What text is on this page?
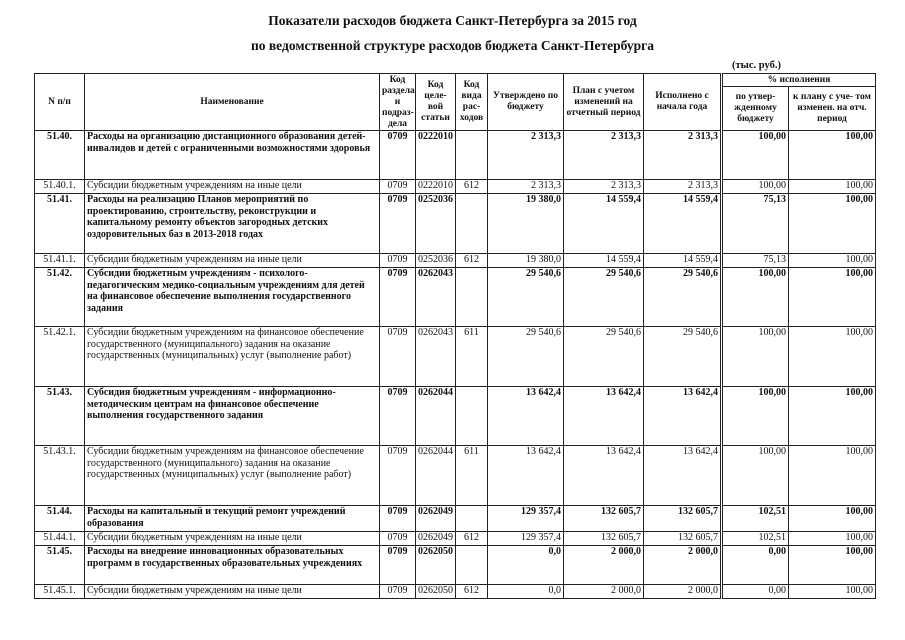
Показатели расходов бюджета Санкт-Петербурга за 2015 год
по ведомственной структуре расходов бюджета Санкт-Петербурга
(тыс. руб.)
N п/п	Наименование	Код раздела и подраз- дела	Код целе- вой статьи	Код вида рас- ходов	Утверждено по бюджету	План с учетом изменений на отчетный период	Исполнено с начала года	% исполнения	
								по утвер- жденному бюджету	к плану с уче- том изменен. на отч. период
51.40.	Расходы на организацию дистанционного образования детей-инвалидов и детей с ограниченными возможностями здоровья	0709	0222010		2 313,3	2 313,3	2 313,3	100,00	100,00
51.40.1.	Субсидии бюджетным учреждениям на иные цели	0709	0222010	612	2 313,3	2 313,3	2 313,3	100,00	100,00
51.41.	Расходы на реализацию Планов мероприятий по проектированию, строительству, реконструкции и капитальному ремонту объектов загородных детских оздоровительных баз в 2013-2018 годах	0709	0252036		19 380,0	14 559,4	14 559,4	75,13	100,00
51.41.1.	Субсидии бюджетным учреждениям на иные цели	0709	0252036	612	19 380,0	14 559,4	14 559,4	75,13	100,00
51.42.	Субсидии бюджетным учреждениям - психолого-педагогическим медико-социальным учреждениям для детей на финансовое обеспечение выполнения государственного задания	0709	0262043		29 540,6	29 540,6	29 540,6	100,00	100,00
51.42.1.	Субсидии бюджетным учреждениям на финансовое обеспечение государственного (муниципального) задания на оказание государственных (муниципальных) услуг (выполнение работ)	0709	0262043	611	29 540,6	29 540,6	29 540,6	100,00	100,00
51.43.	Субсидия бюджетным учреждениям - информационно-методическим центрам на финансовое обеспечение выполнения государственного задания	0709	0262044		13 642,4	13 642,4	13 642,4	100,00	100,00
51.43.1.	Субсидии бюджетным учреждениям на финансовое обеспечение государственного (муниципального) задания на оказание государственных (муниципальных) услуг (выполнение работ)	0709	0262044	611	13 642,4	13 642,4	13 642,4	100,00	100,00
51.44.	Расходы на капитальный и текущий ремонт учреждений образования	0709	0262049		129 357,4	132 605,7	132 605,7	102,51	100,00
51.44.1.	Субсидии бюджетным учреждениям на иные цели	0709	0262049	612	129 357,4	132 605,7	132 605,7	102,51	100,00
51.45.	Расходы на внедрение инновационных образовательных программ в государственных образовательных учреждениях	0709	0262050		0,0	2 000,0	2 000,0	0,00	100,00
51.45.1.	Субсидии бюджетным учреждениям на иные цели	0709	0262050	612	0,0	2 000,0	2 000,0	0,00	100,00
